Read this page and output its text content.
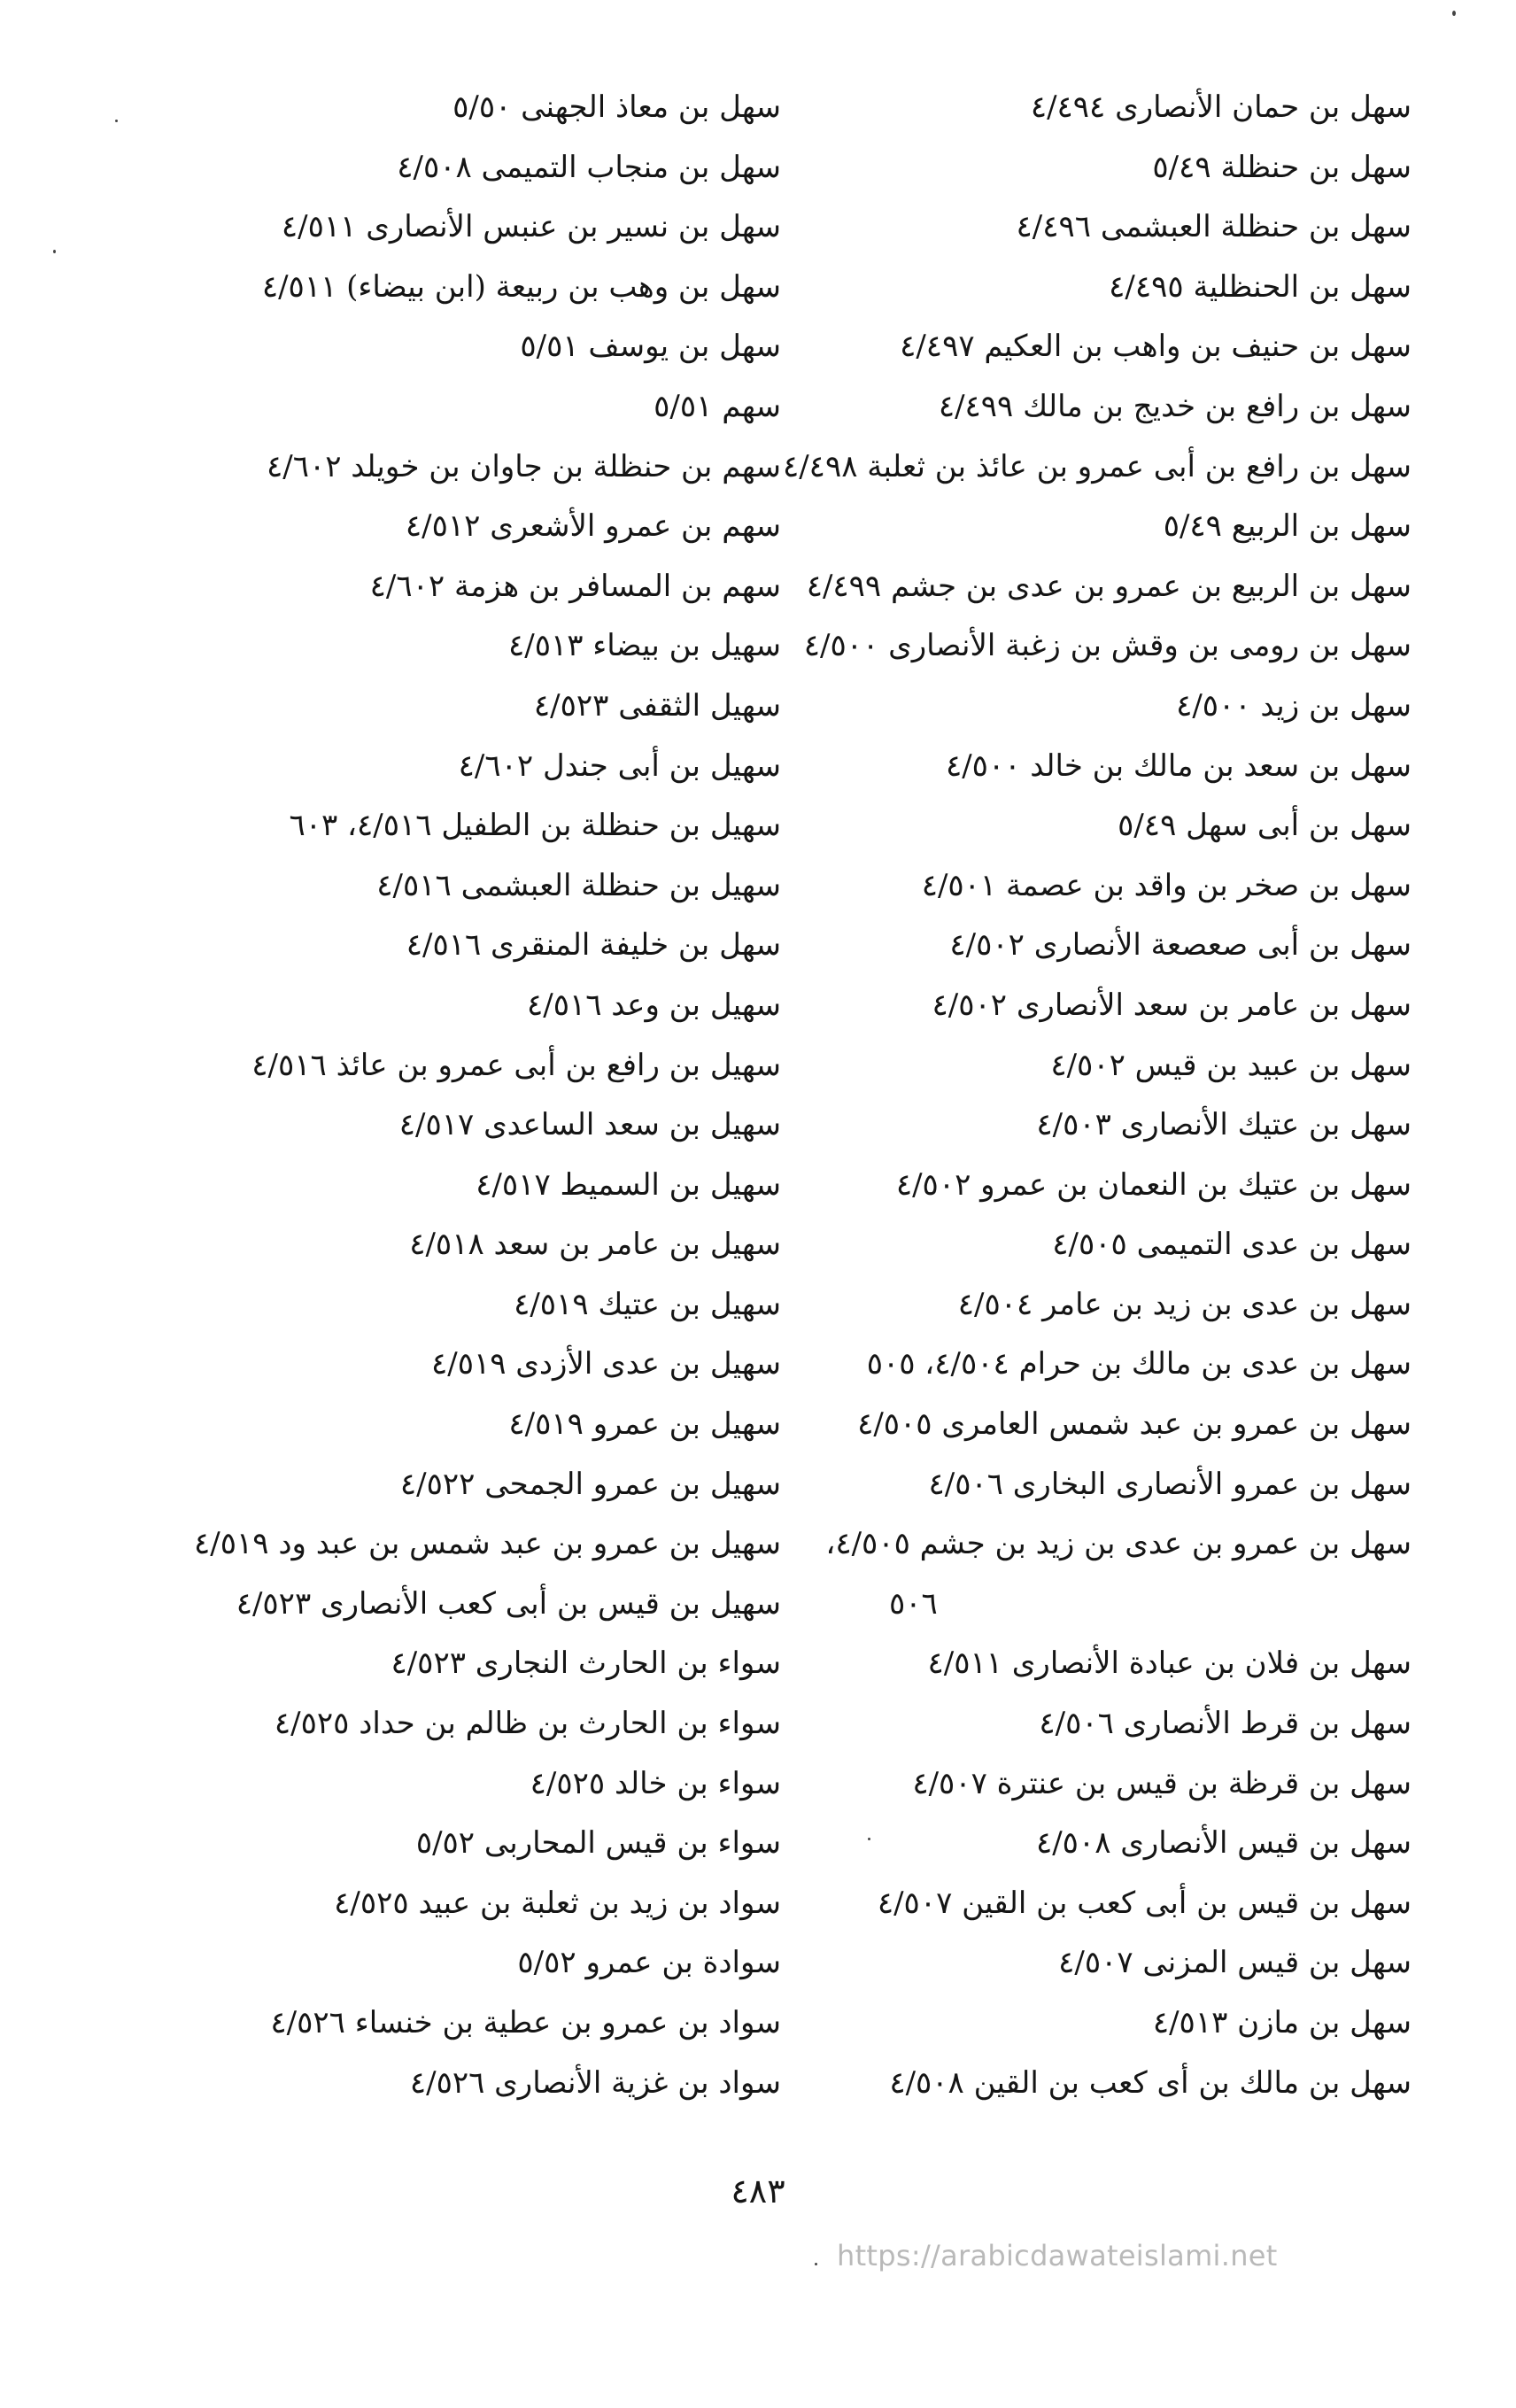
سهل بن حمان الأنصارى ٤/٤٩٤
سهل بن حنظلة ٥/٤٩
سهل بن حنظلة العبشمى ٤/٤٩٦
سهل بن الحنظلية ٤/٤٩٥
سهل بن حنيف بن واهب بن العكيم ٤/٤٩٧
سهل بن رافع بن خديج بن مالك ٤/٤٩٩
سهل بن رافع بن أبى عمرو بن عائذ بن ثعلبة ٤/٤٩٨
سهل بن الربيع ٥/٤٩
سهل بن الربيع بن عمرو بن عدى بن جشم ٤/٤٩٩
سهل بن رومى بن وقش بن زغبة الأنصارى ٤/٥٠٠
سهل بن زيد ٤/٥٠٠
سهل بن سعد بن مالك بن خالد ٤/٥٠٠
سهل بن أبى سهل ٥/٤٩
سهل بن صخر بن واقد بن عصمة ٤/٥٠١
سهل بن أبى صعصعة الأنصارى ٤/٥٠٢
سهل بن عامر بن سعد الأنصارى ٤/٥٠٢
سهل بن عبيد بن قيس ٤/٥٠٢
سهل بن عتيك الأنصارى ٤/٥٠٣
سهل بن عتيك بن النعمان بن عمرو ٤/٥٠٢
سهل بن عدى التميمى ٤/٥٠٥
سهل بن عدى بن زيد بن عامر ٤/٥٠٤
سهل بن عدى بن مالك بن حرام ٤/٥٠٤، ٥٠٥
سهل بن عمرو بن عبد شمس العامرى ٤/٥٠٥
سهل بن عمرو الأنصارى البخارى ٤/٥٠٦
سهل بن عمرو بن عدى بن زيد بن جشم ٤/٥٠٥،
٥٠٦
سهل بن فلان بن عبادة الأنصارى ٤/٥١١
سهل بن قرط الأنصارى ٤/٥٠٦
سهل بن قرظة بن قيس بن عنترة ٤/٥٠٧
سهل بن قيس الأنصارى ٤/٥٠٨
سهل بن قيس بن أبى كعب بن القين ٤/٥٠٧
سهل بن قيس المزنى ٤/٥٠٧
سهل بن مازن ٤/٥١٣
سهل بن مالك بن أى كعب بن القين ٤/٥٠٨
سهل بن معاذ الجهنى ٥/٥٠
سهل بن منجاب التميمى ٤/٥٠٨
سهل بن نسير بن عنبس الأنصارى ٤/٥١١
سهل بن وهب بن ربيعة (ابن بيضاء) ٤/٥١١
سهل بن يوسف ٥/٥١
سهم ٥/٥١
سهم بن حنظلة بن جاوان بن خويلد ٤/٦٠٢
سهم بن عمرو الأشعرى ٤/٥١٢
سهم بن المسافر بن هزمة ٤/٦٠٢
سهيل بن بيضاء ٤/٥١٣
سهيل الثقفى ٤/٥٢٣
سهيل بن أبى جندل ٤/٦٠٢
سهيل بن حنظلة بن الطفيل ٤/٥١٦، ٦٠٣
سهيل بن حنظلة العبشمى ٤/٥١٦
سهل بن خليفة المنقرى ٤/٥١٦
سهيل بن وعد ٤/٥١٦
سهيل بن رافع بن أبى عمرو بن عائذ ٤/٥١٦
سهيل بن سعد الساعدى ٤/٥١٧
سهيل بن السميط ٤/٥١٧
سهيل بن عامر بن سعد ٤/٥١٨
سهيل بن عتيك ٤/٥١٩
سهيل بن عدى الأزدى ٤/٥١٩
سهيل بن عمرو ٤/٥١٩
سهيل بن عمرو الجمحى ٤/٥٢٢
سهيل بن عمرو بن عبد شمس بن عبد ود ٤/٥١٩
سهيل بن قيس بن أبى كعب الأنصارى ٤/٥٢٣
سواء بن الحارث النجارى ٤/٥٢٣
سواء بن الحارث بن ظالم بن حداد ٤/٥٢٥
سواء بن خالد ٤/٥٢٥
سواء بن قيس المحاربى ٥/٥٢
سواد بن زيد بن ثعلبة بن عبيد ٤/٥٢٥
سوادة بن عمرو ٥/٥٢
سواد بن عمرو بن عطية بن خنساء ٤/٥٢٦
سواد بن غزية الأنصارى ٤/٥٢٦
٤٨٣
https://arabicdawateislami.net
